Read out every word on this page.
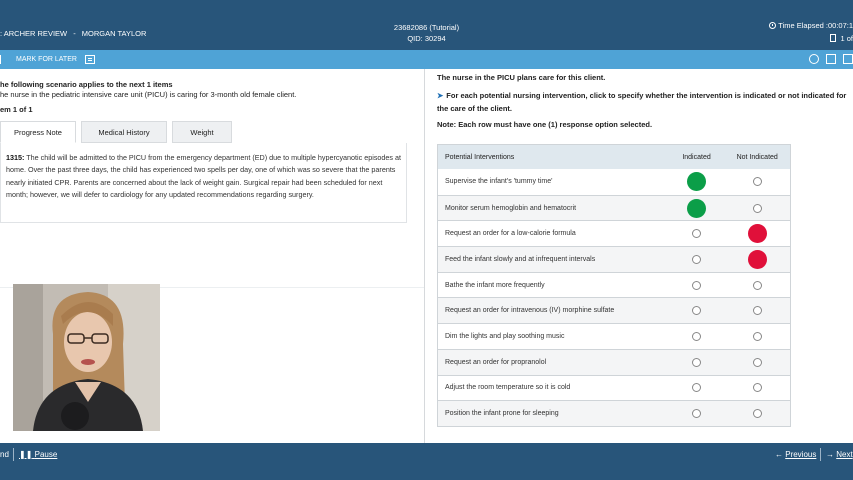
: ARCHER REVIEW - MORGAN TAYLOR
23682086 (Tutorial)
QID: 30294
Time Elapsed :00:07:1
1 of
MARK FOR LATER
he following scenario applies to the next 1 items
he nurse in the pediatric intensive care unit (PICU) is caring for 3-month old female client.
em 1 of 1
Progress Note	Medical History	Weight
1315: The child will be admitted to the PICU from the emergency department (ED) due to multiple hypercyanotic episodes at home. Over the past three days, the child has experienced two spells per day, one of which was so severe that the parents nearly initiated CPR. Parents are concerned about the lack of weight gain. Surgical repair had been scheduled for next month; however, we will defer to cardiology for any updated recommendations regarding surgery.
The nurse in the PICU plans care for this client.
➤ For each potential nursing intervention, click to specify whether the intervention is indicated or not indicated for the care of the client.
Note: Each row must have one (1) response option selected.
Potential Interventions	Indicated	Not Indicated
Supervise the infant's 'tummy time'
Monitor serum hemoglobin and hematocrit
Request an order for a low-calorie formula
Feed the infant slowly and at infrequent intervals
Bathe the infant more frequently
Request an order for intravenous (IV) morphine sulfate
Dim the lights and play soothing music
Request an order for propranolol
Adjust the room temperature so it is cold
Position the infant prone for sleeping
nd ❚❚ Pause	← Previous → Next
